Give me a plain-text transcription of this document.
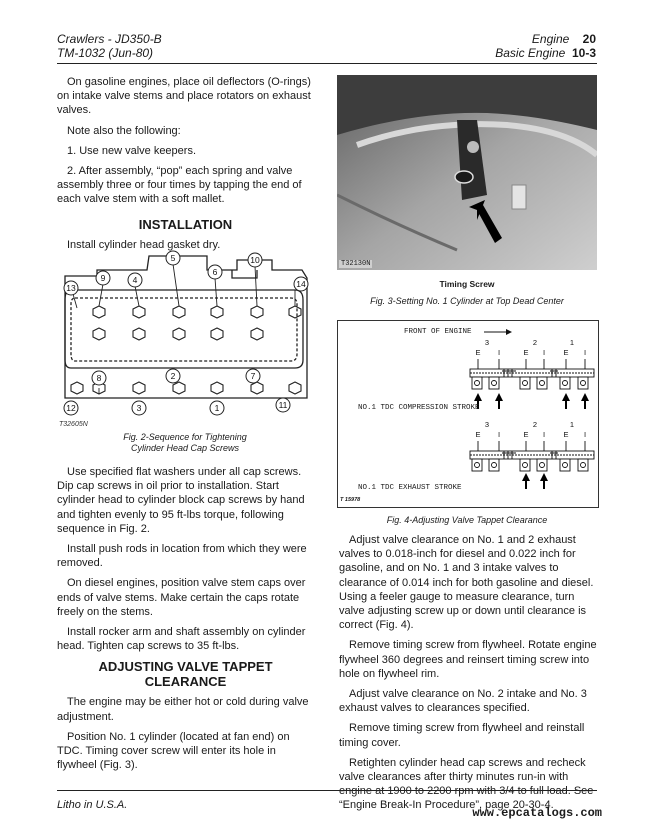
Crawlers - JD350-B
TM-1032 (Jun-80)
Engine 20
Basic Engine 10-3

On gasoline engines, place oil deflectors (O-rings) on intake valve stems and place rotators on exhaust valves.

Note also the following:

1. Use new valve keepers.

2. After assembly, “pop” each spring and valve assembly three or four times by tapping the end of each valve stem with a soft mallet.

INSTALLATION

Install cylinder head gasket dry.

9	4
5
6
10
14
13
8	2	7
12	3	1	11
T32605N
Fig. 2-Sequence for Tightening
Cylinder Head Cap Screws

Use specified flat washers under all cap screws. Dip cap screws in oil prior to installation. Start cylinder head to cylinder block cap screws by hand and tighten evenly to 95 ft-lbs torque, following sequence in Fig. 2.

Install push rods in location from which they were removed.

On diesel engines, position valve stem caps over ends of valve stems. Make certain the caps rotate freely on the stems.

Install rocker arm and shaft assembly on cylinder head. Tighten cap screws to 35 ft-lbs.

ADJUSTING VALVE TAPPET
CLEARANCE

The engine may be either hot or cold during valve adjustment.

Position No. 1 cylinder (located at fan end) on TDC. Timing cover screw will enter its hole in flywheel (Fig. 3).

T32130N
Timing Screw
Fig. 3-Setting No. 1 Cylinder at Top Dead Center
FRONT OF ENGINE
3	2	1
E I	E I E I
3	2	1
E I	E I E I
NO.1 TDC COMPRESSION STROKE
NO.1 TDC EXHAUST STROKE
T 15978
Fig. 4-Adjusting Valve Tappet Clearance

Adjust valve clearance on No. 1 and 2 exhaust valves to 0.018-inch for diesel and 0.022 inch for gasoline, and on No. 1 and 3 intake valves to clearance of 0.014 inch for both gasoline and diesel. Using a feeler gauge to measure clearance, turn valve adjusting screw up or down until clearance is correct (Fig. 4).

Remove timing screw from flywheel. Rotate engine flywheel 360 degrees and reinsert timing screw into hole on flywheel rim.

Adjust valve clearance on No. 2 intake and No. 3 exhaust valves to clearances specified.

Remove timing screw from flywheel and reinstall timing cover.

Retighten cylinder head cap screws and recheck valve clearances after thirty minutes run-in with engine at 1900 to 2200 rpm with 3/4 to full load. See “Engine Break-In Procedure”, page 20-30-4.

Litho in U.S.A.
www.epcatalogs.com
